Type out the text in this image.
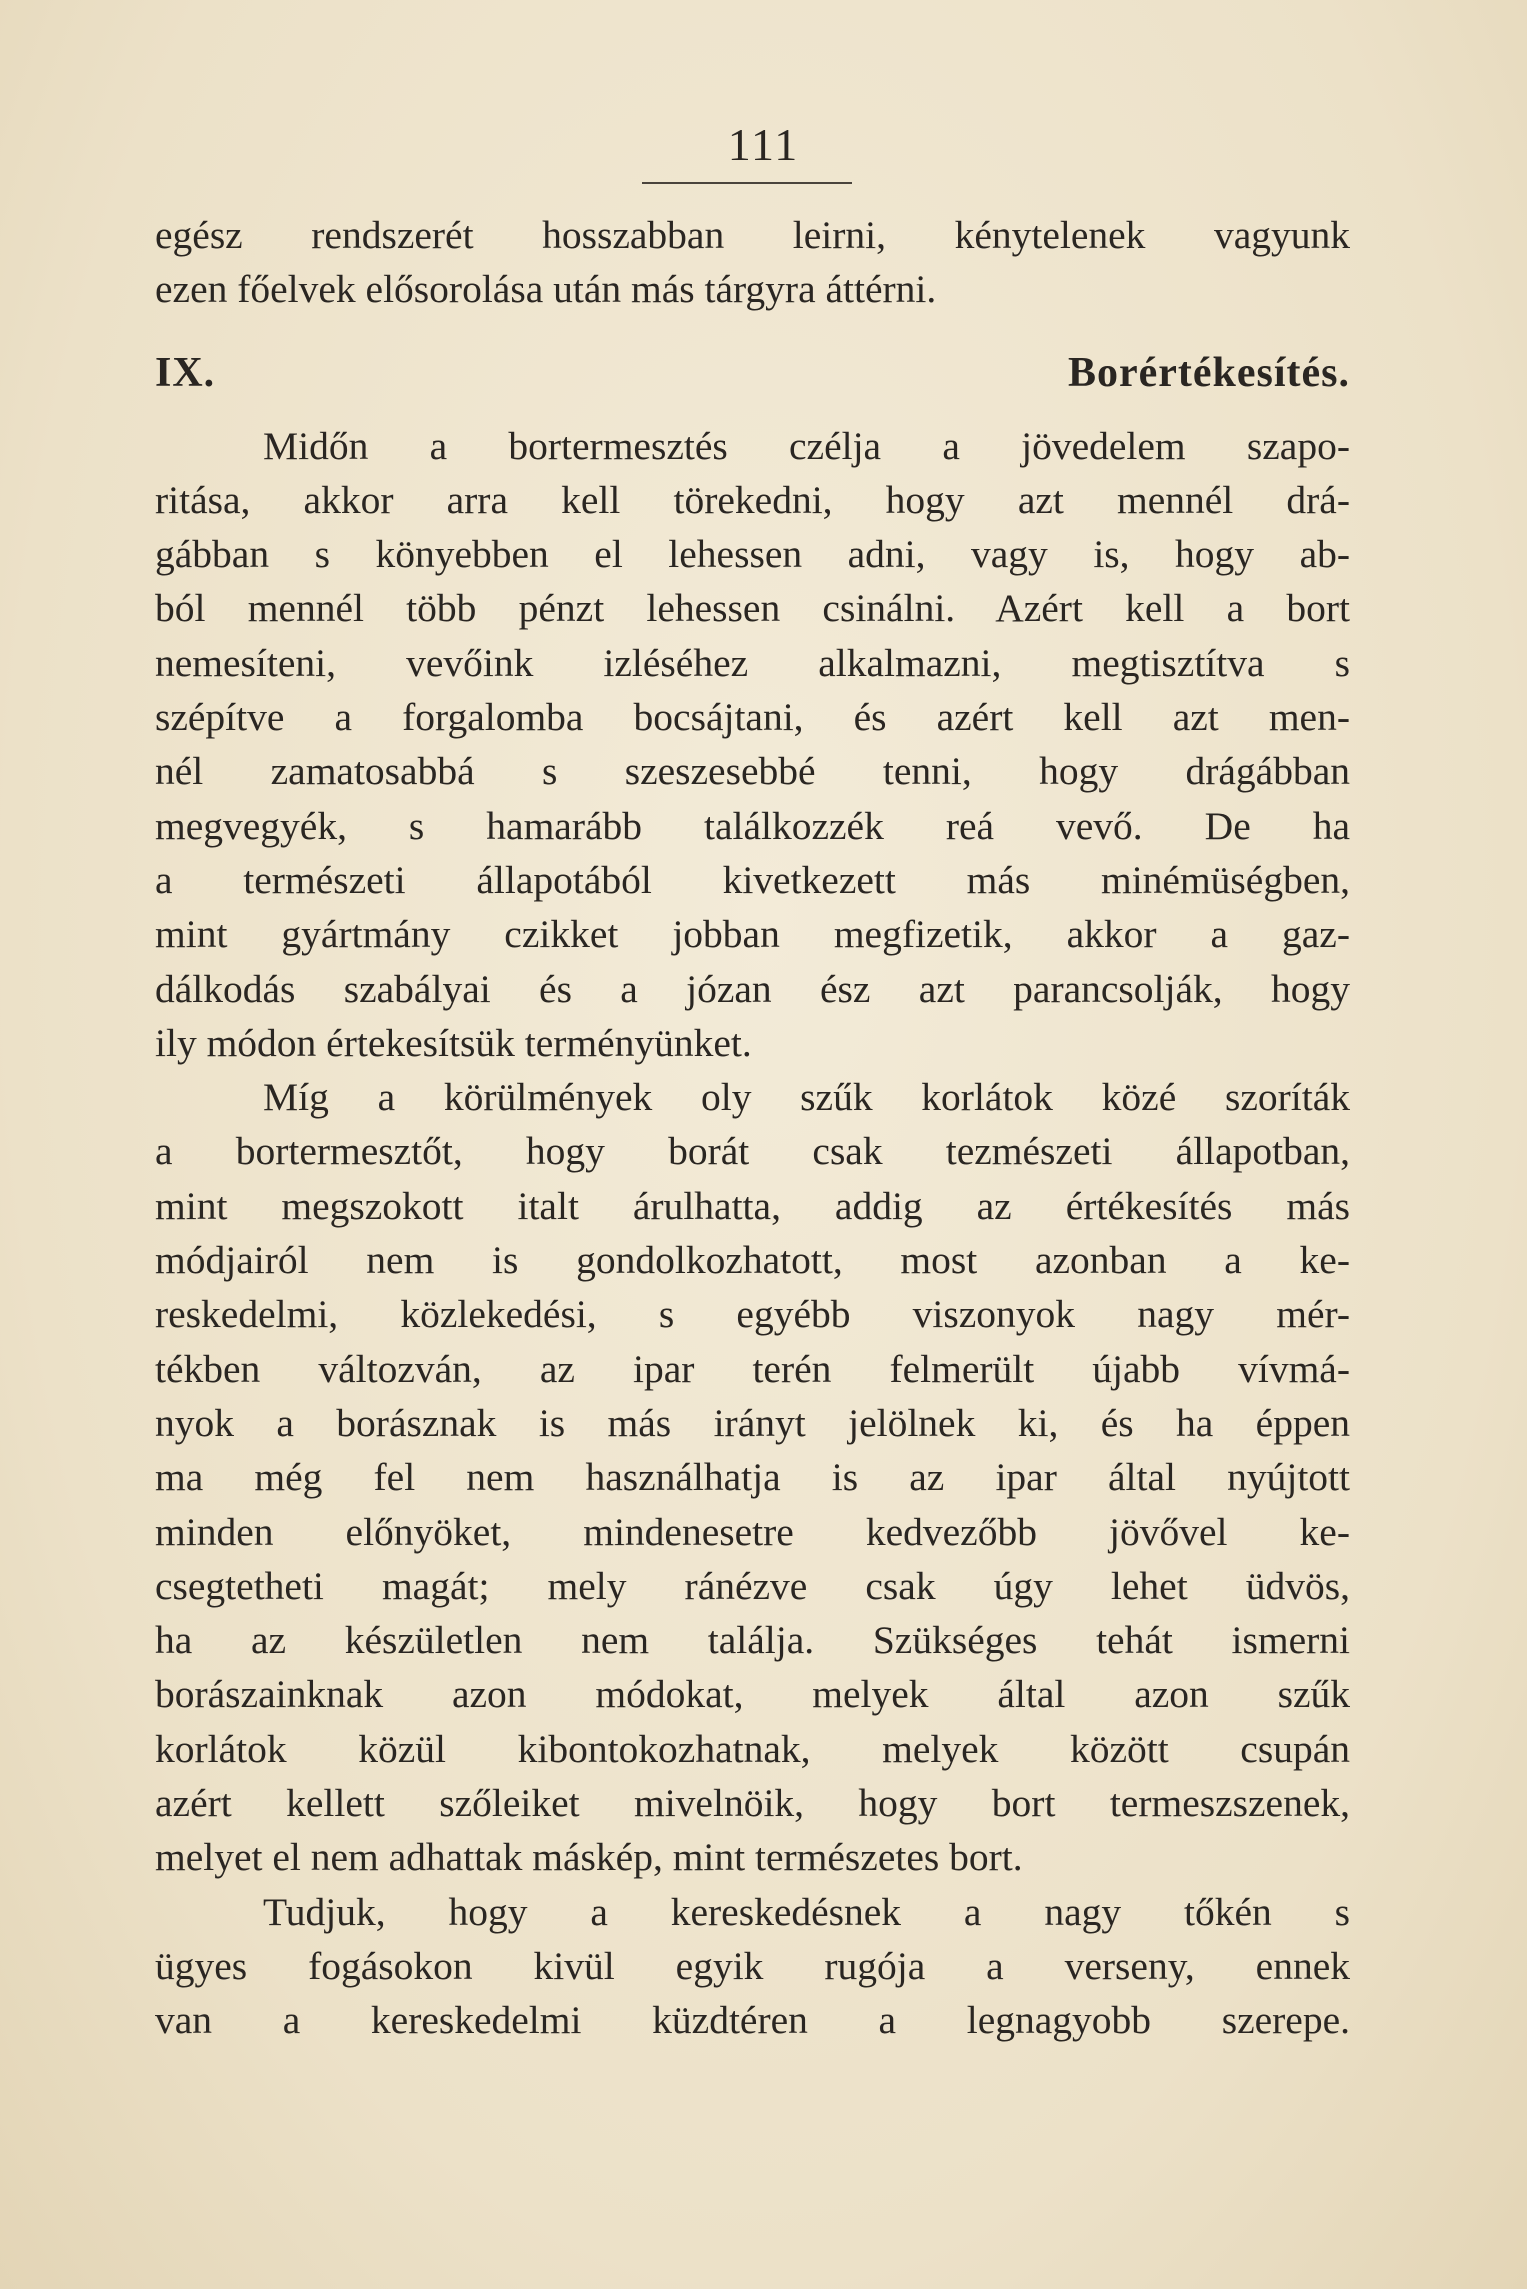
111
egész rendszerét hosszabban leirni, kénytelenek vagyunk
ezen főelvek elősorolása után más tárgyra áttérni.
IX. Borértékesítés.
Midőn a bortermesztés czélja a jövedelem szapo-
ritása, akkor arra kell törekedni, hogy azt mennél drá-
gábban s könyebben el lehessen adni, vagy is, hogy ab-
ból mennél több pénzt lehessen csinálni. Azért kell a bort
nemesíteni, vevőink izléséhez alkalmazni, megtisztítva s
szépítve a forgalomba bocsájtani, és azért kell azt men-
nél zamatosabbá s szeszesebbé tenni, hogy drágábban
megvegyék, s hamarább találkozzék reá vevő. De ha
a természeti állapotából kivetkezett más minémüségben,
mint gyártmány czikket jobban megfizetik, akkor a gaz-
dálkodás szabályai és a józan ész azt parancsolják, hogy
ily módon értekesítsük terményünket.
Míg a körülmények oly szűk korlátok közé szoríták
a bortermesztőt, hogy borát csak tezmészeti állapotban,
mint megszokott italt árulhatta, addig az értékesítés más
módjairól nem is gondolkozhatott, most azonban a ke-
reskedelmi, közlekedési, s egyébb viszonyok nagy mér-
tékben változván, az ipar terén felmerült újabb vívmá-
nyok a borásznak is más irányt jelölnek ki, és ha éppen
ma még fel nem használhatja is az ipar által nyújtott
minden előnyöket, mindenesetre kedvezőbb jövővel ke-
csegtetheti magát; mely ránézve csak úgy lehet üdvös,
ha az készületlen nem találja. Szükséges tehát ismerni
borászainknak azon módokat, melyek által azon szűk
korlátok közül kibontokozhatnak, melyek között csupán
azért kellett szőleiket mivelnöik, hogy bort termeszszenek,
melyet el nem adhattak máskép, mint természetes bort.
Tudjuk, hogy a kereskedésnek a nagy tőkén s
ügyes fogásokon kivül egyik rugója a verseny, ennek
van a kereskedelmi küzdtéren a legnagyobb szerepe.
